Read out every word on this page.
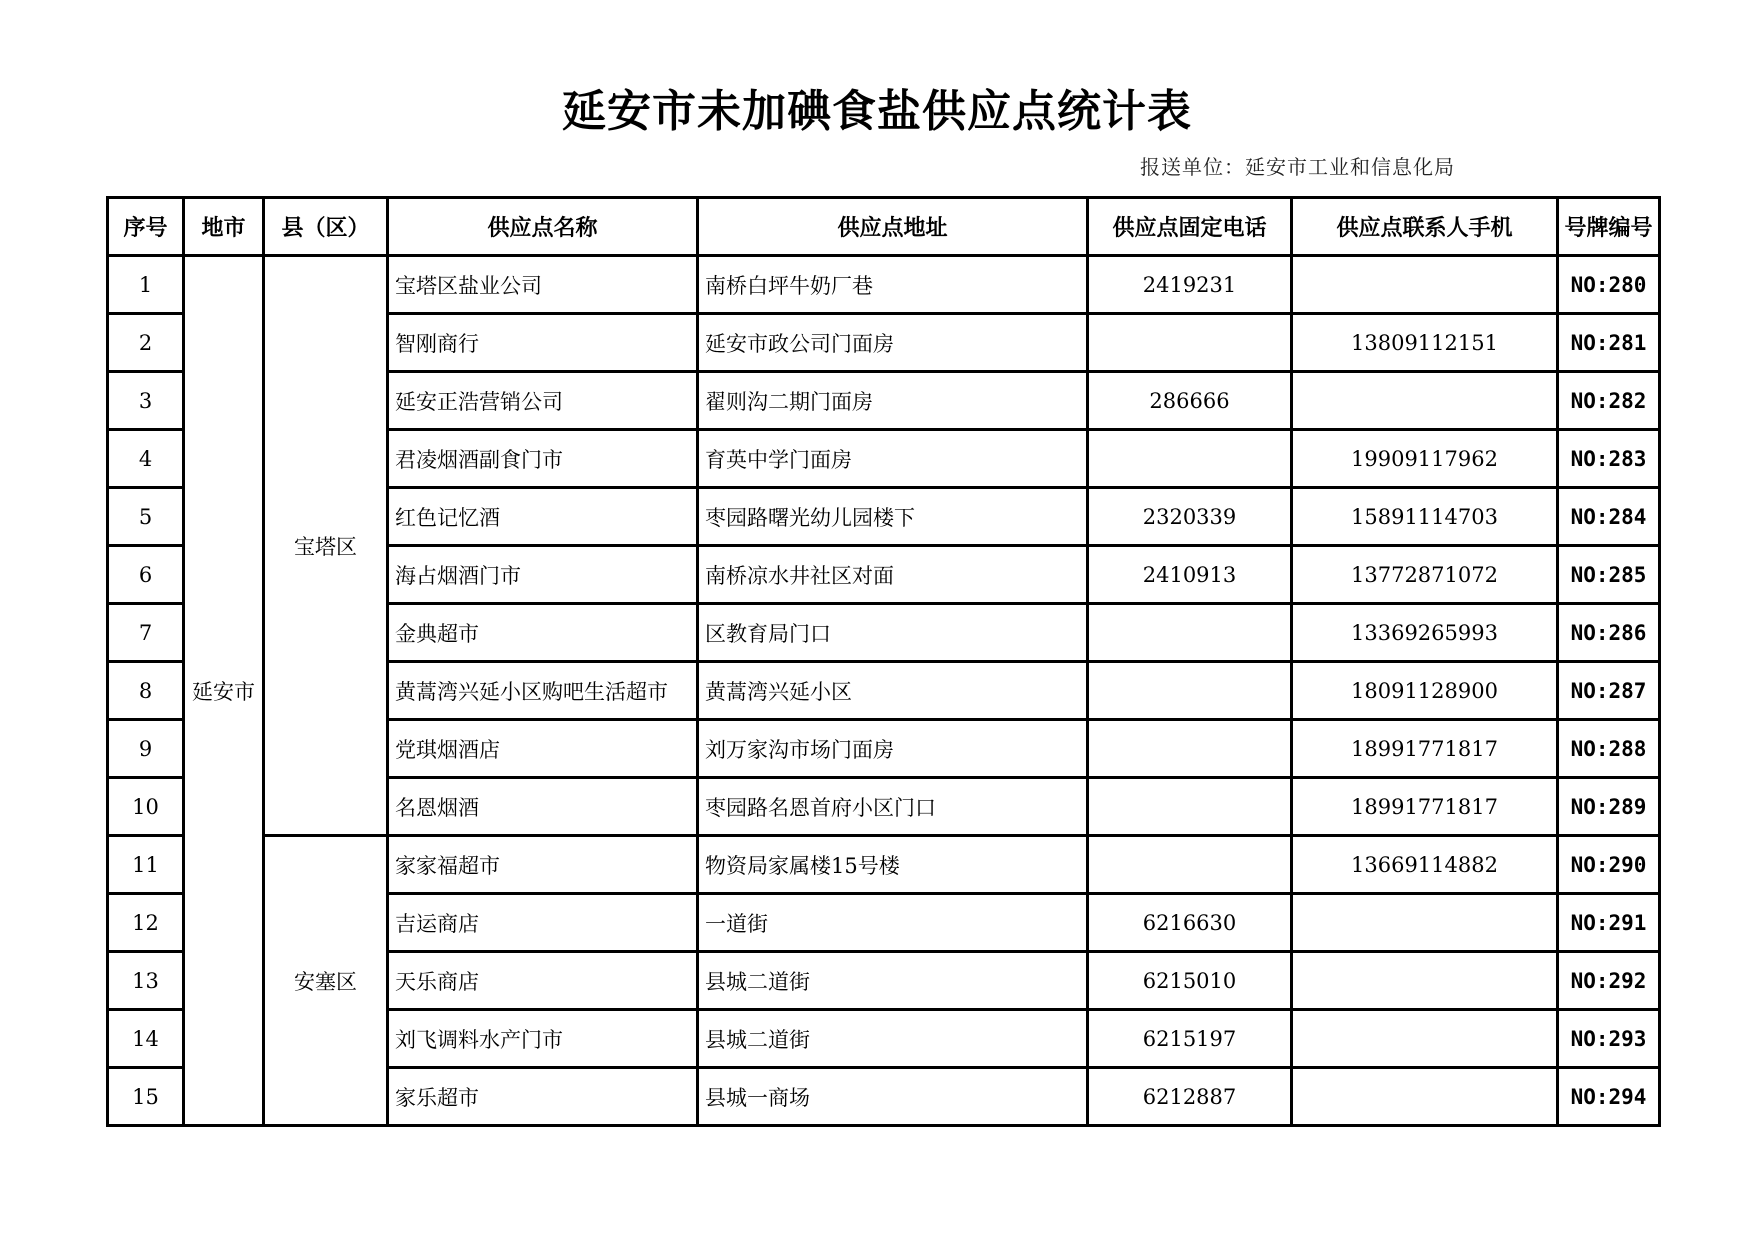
延安市未加碘食盐供应点统计表
报送单位：延安市工业和信息化局
序号	地市	县（区）	供应点名称	供应点地址	供应点固定电话	供应点联系人手机	号牌编号
1	延安市	宝塔区	宝塔区盐业公司	南桥白坪牛奶厂巷	2419231		NO:280
2			智刚商行	延安市政公司门面房		13809112151	NO:281
3			延安正浩营销公司	翟则沟二期门面房	286666		NO:282
4			君凌烟酒副食门市	育英中学门面房		19909117962	NO:283
5			红色记忆酒	枣园路曙光幼儿园楼下	2320339	15891114703	NO:284
6			海占烟酒门市	南桥凉水井社区对面	2410913	13772871072	NO:285
7			金典超市	区教育局门口		13369265993	NO:286
8			黄蒿湾兴延小区购吧生活超市	黄蒿湾兴延小区		18091128900	NO:287
9			党琪烟酒店	刘万家沟市场门面房		18991771817	NO:288
10			名恩烟酒	枣园路名恩首府小区门口		18991771817	NO:289
11		安塞区	家家福超市	物资局家属楼15号楼		13669114882	NO:290
12			吉运商店	一道街	6216630		NO:291
13			天乐商店	县城二道街	6215010		NO:292
14			刘飞调料水产门市	县城二道街	6215197		NO:293
15			家乐超市	县城一商场	6212887		NO:294
